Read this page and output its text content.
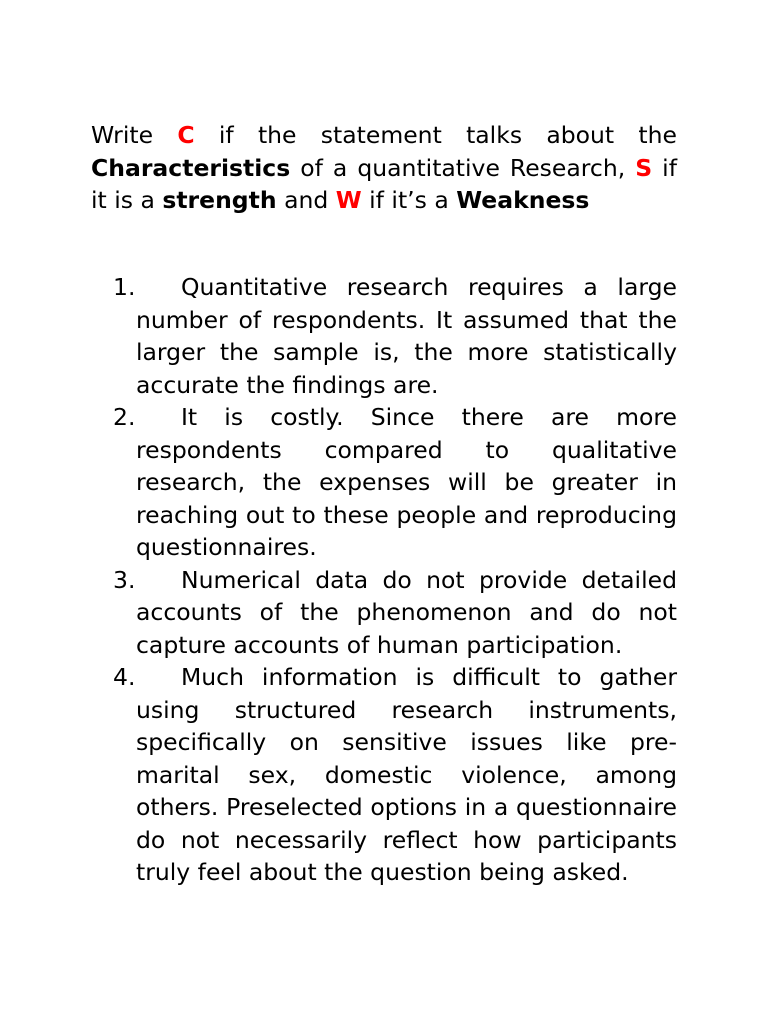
Write C if the statement talks about the Characteristics of a quantitative Research, S if it is a strength and W if it’s a Weakness

1.	Quantitative research requires a large number of respondents. It assumed that the larger the sample is, the more statistically accurate the findings are.
2.	It is costly. Since there are more respondents compared to qualitative research, the expenses will be greater in reaching out to these people and reproducing questionnaires.
3.	Numerical data do not provide detailed accounts of the phenomenon and do not capture accounts of human participation.
4.	Much information is difficult to gather using structured research instruments, specifically on sensitive issues like pre-marital sex, domestic violence, among others. Preselected options in a questionnaire do not necessarily reflect how participants truly feel about the question being asked.
